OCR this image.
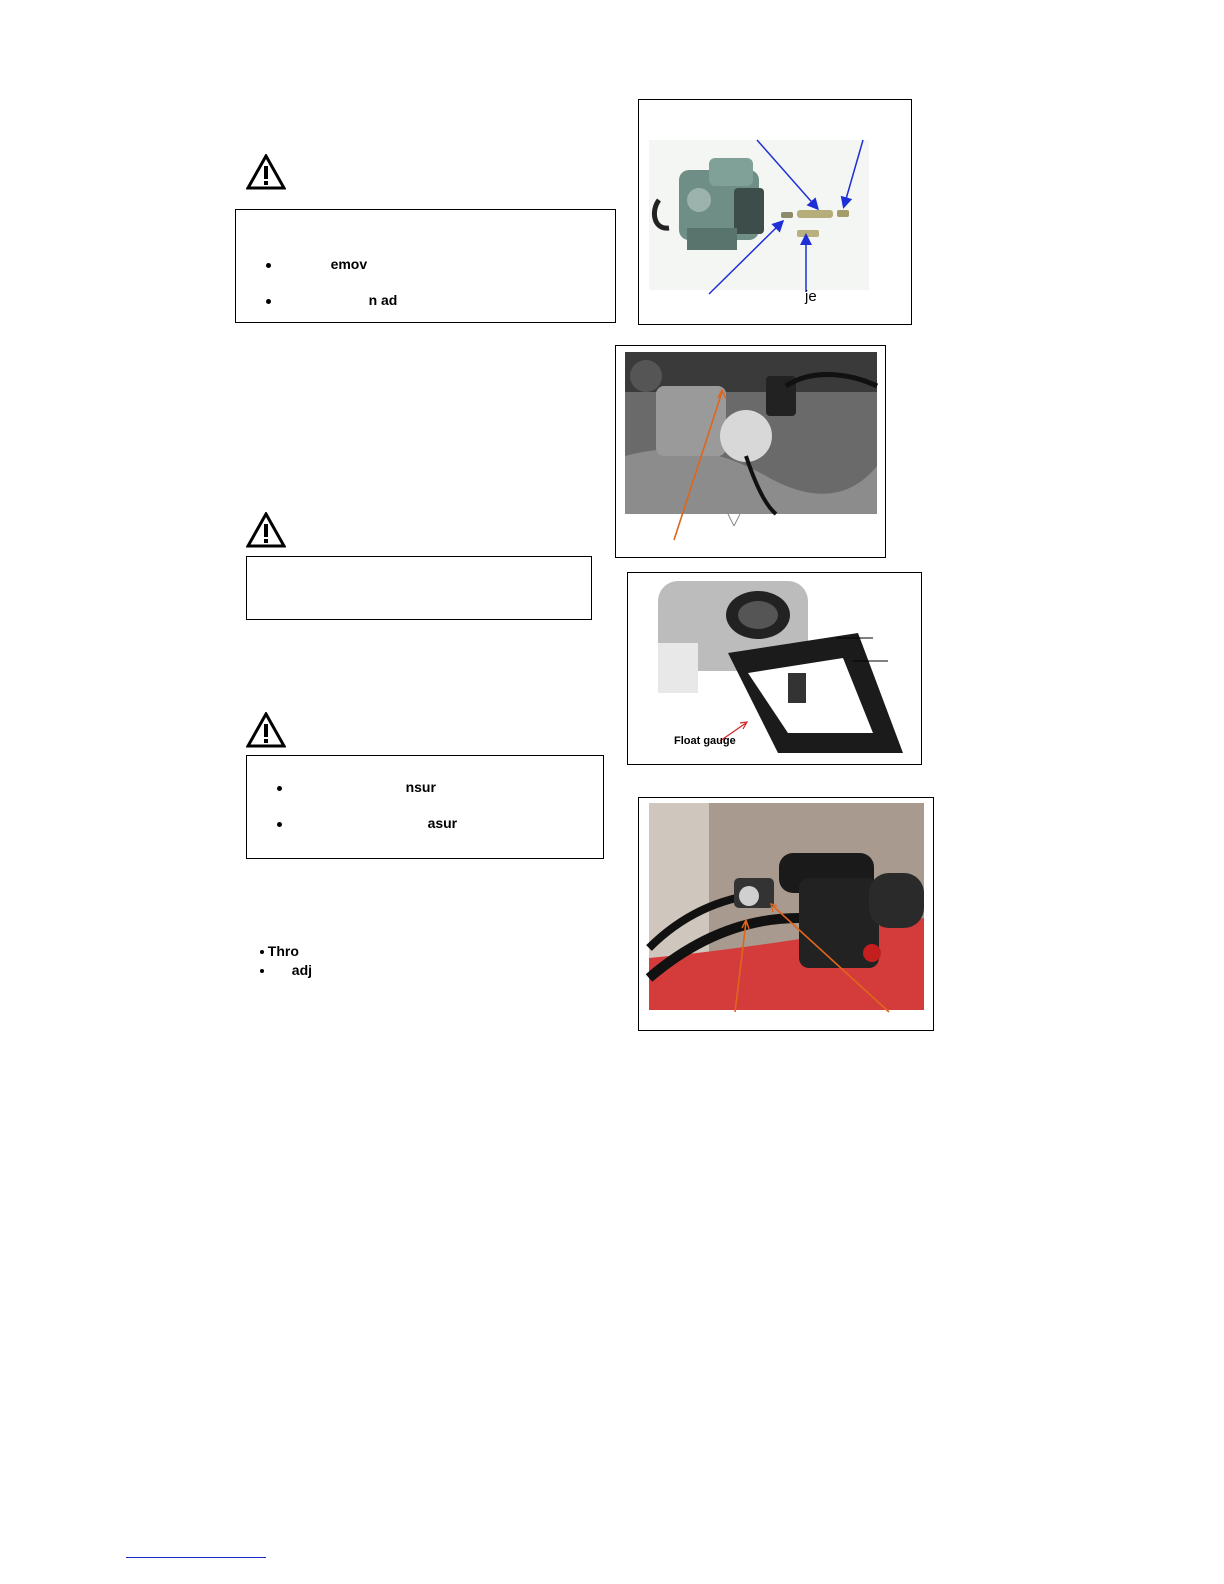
emov

n ad

nsur

asur

Thro

adj

je
Float gauge
